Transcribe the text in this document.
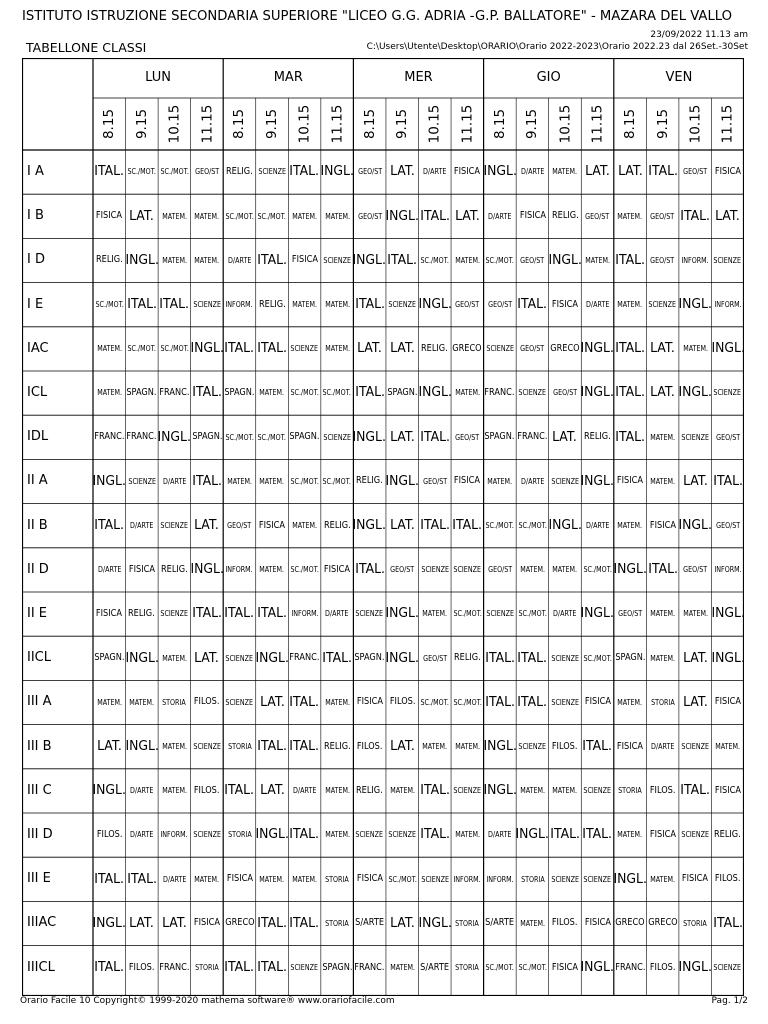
ISTITUTO ISTRUZIONE SECONDARIA SUPERIORE "LICEO G.G. ADRIA -G.P. BALLATORE" - MAZARA DEL VALLO
23/09/2022 11.13 am
TABELLONE CLASSI	C:\Users\Utente\Desktop\ORARIO\Orario 2022-2023\Orario 2022.23 dal 26Set.-30Set
LUN
8.15 9.15 10.15 11.15
MAR
8.15 9.15 10.15 11.15
MER
8.15 9.15 10.15 11.15
GIO
8.15 9.15 10.15 11.15
VEN
8.15 9.15 10.15 11.15
I A	ITAL. SC./MOT. SC./MOT. GEO/ST RELIG. SCIENZE ITAL. INGL. GEO/ST LAT. D/ARTE FISICA INGL. D/ARTE MATEM. LAT. LAT. ITAL. GEO/ST FISICA
I B	FISICA LAT. MATEM. MATEM. SC./MOT. SC./MOT. MATEM. MATEM. GEO/ST INGL. ITAL. LAT. D/ARTE FISICA RELIG. GEO/ST MATEM. GEO/ST ITAL. LAT.
I D	RELIG. INGL. MATEM. MATEM. D/ARTE ITAL. FISICA SCIENZE INGL. ITAL. SC./MOT. MATEM. SC./MOT. GEO/ST INGL. MATEM. ITAL. GEO/ST INFORM. SCIENZE
I E	SC./MOT. ITAL. ITAL. SCIENZE INFORM. RELIG. MATEM. MATEM. ITAL. SCIENZE INGL. GEO/ST GEO/ST ITAL. FISICA D/ARTE MATEM. SCIENZE INGL. INFORM.
IAC	MATEM. SC./MOT. SC./MOT. INGL. ITAL. ITAL. SCIENZE MATEM. LAT. LAT. RELIG. GRECO SCIENZE GEO/ST GRECO INGL. ITAL. LAT. MATEM. INGL.
ICL	MATEM. SPAGN. FRANC. ITAL. SPAGN. MATEM. SC./MOT. SC./MOT. ITAL. SPAGN. INGL. MATEM. FRANC. SCIENZE GEO/ST INGL. ITAL. LAT. INGL. SCIENZE
IDL	FRANC. FRANC. INGL. SPAGN. SC./MOT. SC./MOT. SPAGN. SCIENZE INGL. LAT. ITAL. GEO/ST SPAGN. FRANC. LAT. RELIG. ITAL. MATEM. SCIENZE GEO/ST
II A	INGL. SCIENZE D/ARTE ITAL. MATEM. MATEM. SC./MOT. SC./MOT. RELIG. INGL. GEO/ST FISICA MATEM. D/ARTE SCIENZE INGL. FISICA MATEM. LAT. ITAL.
II B	ITAL. D/ARTE SCIENZE LAT. GEO/ST FISICA MATEM. RELIG. INGL. LAT. ITAL. ITAL. SC./MOT. SC./MOT. INGL. D/ARTE MATEM. FISICA INGL. GEO/ST
II D	D/ARTE FISICA RELIG. INGL. INFORM. MATEM. SC./MOT. FISICA ITAL. GEO/ST SCIENZE SCIENZE GEO/ST MATEM. MATEM. SC./MOT. INGL. ITAL. GEO/ST INFORM.
II E	FISICA RELIG. SCIENZE ITAL. ITAL. ITAL. INFORM. D/ARTE SCIENZE INGL. MATEM. SC./MOT. SCIENZE SC./MOT. D/ARTE INGL. GEO/ST MATEM. MATEM. INGL.
IICL	SPAGN. INGL. MATEM. LAT. SCIENZE INGL. FRANC. ITAL. SPAGN. INGL. GEO/ST RELIG. ITAL. ITAL. SCIENZE SC./MOT. SPAGN. MATEM. LAT. INGL.
III A	MATEM. MATEM. STORIA FILOS. SCIENZE LAT. ITAL. MATEM. FISICA FILOS. SC./MOT. SC./MOT. ITAL. ITAL. SCIENZE FISICA MATEM. STORIA LAT. FISICA
III B	LAT. INGL. MATEM. SCIENZE STORIA ITAL. ITAL. RELIG. FILOS. LAT. MATEM. MATEM. INGL. SCIENZE FILOS. ITAL. FISICA D/ARTE SCIENZE MATEM.
III C	INGL. D/ARTE MATEM. FILOS. ITAL. LAT. D/ARTE MATEM. RELIG. MATEM. ITAL. SCIENZE INGL. MATEM. MATEM. SCIENZE STORIA FILOS. ITAL. FISICA
III D	FILOS. D/ARTE INFORM. SCIENZE STORIA INGL. ITAL. MATEM. SCIENZE SCIENZE ITAL. MATEM. D/ARTE INGL. ITAL. ITAL. MATEM. FISICA SCIENZE RELIG.
III E	ITAL. ITAL. D/ARTE MATEM. FISICA MATEM. MATEM. STORIA FISICA SC./MOT. SCIENZE INFORM. INFORM. STORIA SCIENZE SCIENZE INGL. MATEM. FISICA FILOS.
IIIAC	INGL. LAT. LAT. FISICA GRECO ITAL. ITAL. STORIA S/ARTE LAT. INGL. STORIA S/ARTE MATEM. FILOS. FISICA GRECO GRECO STORIA ITAL.
IIICL	ITAL. FILOS. FRANC. STORIA ITAL. ITAL. SCIENZE SPAGN. FRANC. MATEM. S/ARTE STORIA SC./MOT. SC./MOT. FISICA INGL. FRANC. FILOS. INGL. SCIENZE
Orario Facile 10 Copyright© 1999-2020 mathema software® www.orariofacile.com	Pag. 1/2
